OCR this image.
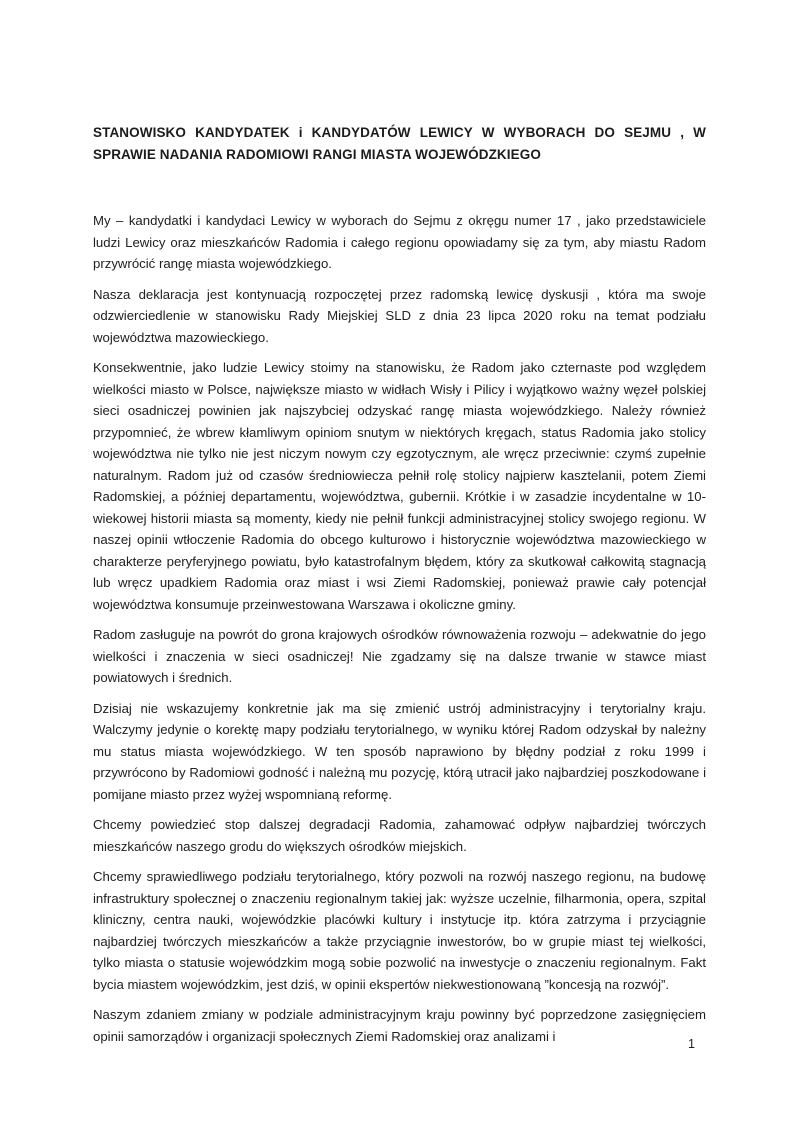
STANOWISKO KANDYDATEK i KANDYDATÓW LEWICY W WYBORACH DO SEJMU , W SPRAWIE NADANIA RADOMIOWI RANGI MIASTA WOJEWÓDZKIEGO

My – kandydatki i kandydaci Lewicy w wyborach do Sejmu z okręgu numer 17 , jako przedstawiciele ludzi Lewicy oraz mieszkańców Radomia i całego regionu opowiadamy się za tym, aby miastu Radom przywrócić rangę miasta wojewódzkiego.

Nasza deklaracja jest kontynuacją rozpoczętej przez radomską lewicę dyskusji , która ma swoje odzwierciedlenie w stanowisku Rady Miejskiej SLD z dnia 23 lipca 2020 roku na temat podziału województwa mazowieckiego.

Konsekwentnie, jako ludzie Lewicy stoimy na stanowisku, że Radom jako czternaste pod względem wielkości miasto w Polsce, największe miasto w widłach Wisły i Pilicy i wyjątkowo ważny węzeł polskiej sieci osadniczej powinien jak najszybciej odzyskać rangę miasta wojewódzkiego. Należy również przypomnieć, że wbrew kłamliwym opiniom snutym w niektórych kręgach, status Radomia jako stolicy województwa nie tylko nie jest niczym nowym czy egzotycznym, ale wręcz przeciwnie: czymś zupełnie naturalnym. Radom już od czasów średniowiecza pełnił rolę stolicy najpierw kasztelanii, potem Ziemi Radomskiej, a później departamentu, województwa, gubernii. Krótkie i w zasadzie incydentalne w 10-wiekowej historii miasta są momenty, kiedy nie pełnił funkcji administracyjnej stolicy swojego regionu. W naszej opinii wtłoczenie Radomia do obcego kulturowo i historycznie województwa mazowieckiego w charakterze peryferyjnego powiatu, było katastrofalnym błędem, który za skutkował całkowitą stagnacją lub wręcz upadkiem Radomia oraz miast i wsi Ziemi Radomskiej, ponieważ prawie cały potencjał województwa konsumuje przeinwestowana Warszawa i okoliczne gminy.

Radom zasługuje na powrót do grona krajowych ośrodków równoważenia rozwoju – adekwatnie do jego wielkości i znaczenia w sieci osadniczej! Nie zgadzamy się na dalsze trwanie w stawce miast powiatowych i średnich.

Dzisiaj nie wskazujemy konkretnie jak ma się zmienić ustrój administracyjny i terytorialny kraju. Walczymy jedynie o korektę mapy podziału terytorialnego, w wyniku której Radom odzyskał by należny mu status miasta wojewódzkiego. W ten sposób naprawiono by błędny podział z roku 1999 i przywrócono by Radomiowi godność i należną mu pozycję, którą utracił jako najbardziej poszkodowane i pomijane miasto przez wyżej wspomnianą reformę.

Chcemy powiedzieć stop dalszej degradacji Radomia, zahamować odpływ najbardziej twórczych mieszkańców naszego grodu do większych ośrodków miejskich.

Chcemy sprawiedliwego podziału terytorialnego, który pozwoli na rozwój naszego regionu, na budowę infrastruktury społecznej o znaczeniu regionalnym takiej jak: wyższe uczelnie, filharmonia, opera, szpital kliniczny, centra nauki, wojewódzkie placówki kultury i instytucje itp. która zatrzyma i przyciągnie najbardziej twórczych mieszkańców a także przyciągnie inwestorów, bo w grupie miast tej wielkości, tylko miasta o statusie wojewódzkim mogą sobie pozwolić na inwestycje o znaczeniu regionalnym. Fakt bycia miastem wojewódzkim, jest dziś, w opinii ekspertów niekwestionowaną ”koncesją na rozwój”.

Naszym zdaniem zmiany w podziale administracyjnym kraju powinny być poprzedzone zasięgnięciem opinii samorządów i organizacji społecznych Ziemi Radomskiej oraz analizami i

1
